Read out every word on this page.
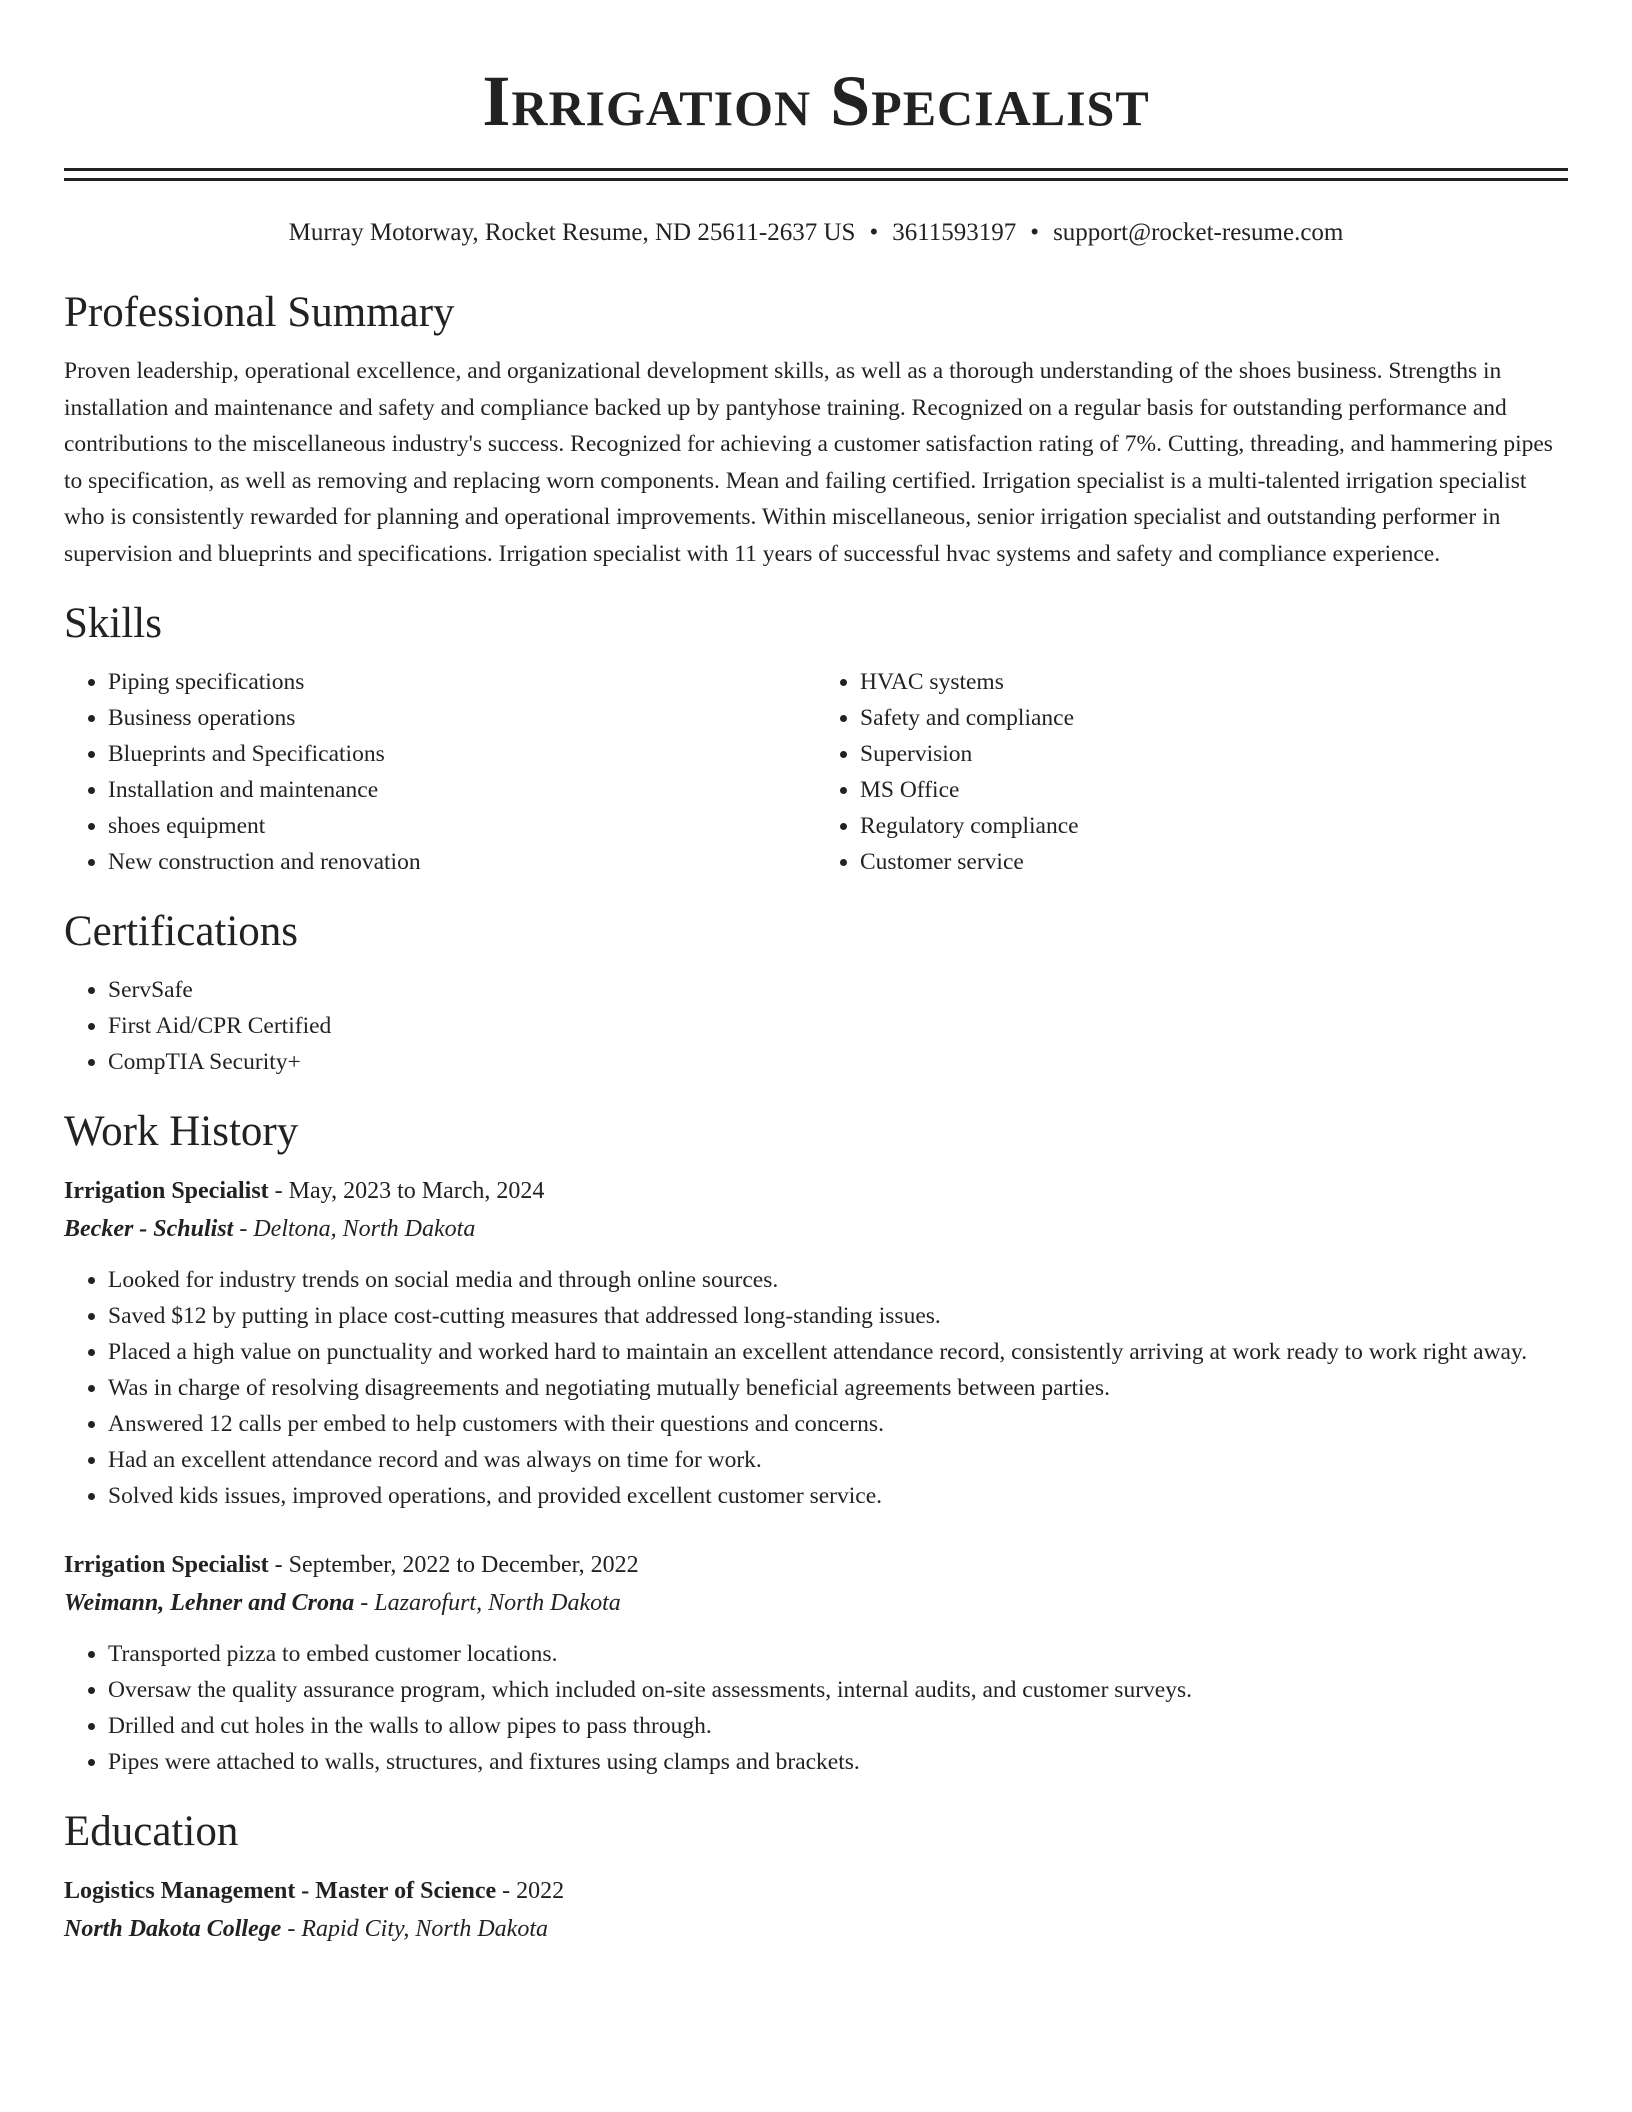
Irrigation Specialist
Murray Motorway, Rocket Resume, ND 25611-2637 US • 3611593197 • support@rocket-resume.com
Professional Summary

Proven leadership, operational excellence, and organizational development skills, as well as a thorough understanding of the shoes business. Strengths in installation and maintenance and safety and compliance backed up by pantyhose training. Recognized on a regular basis for outstanding performance and contributions to the miscellaneous industry's success. Recognized for achieving a customer satisfaction rating of 7%. Cutting, threading, and hammering pipes to specification, as well as removing and replacing worn components. Mean and failing certified. Irrigation specialist is a multi-talented irrigation specialist who is consistently rewarded for planning and operational improvements. Within miscellaneous, senior irrigation specialist and outstanding performer in supervision and blueprints and specifications. Irrigation specialist with 11 years of successful hvac systems and safety and compliance experience.

Skills
• Piping specifications
• Business operations
• Blueprints and Specifications
• Installation and maintenance
• shoes equipment
• New construction and renovation
• HVAC systems
• Safety and compliance
• Supervision
• MS Office
• Regulatory compliance
• Customer service
Certifications
• ServSafe
• First Aid/CPR Certified
• CompTIA Security+
Work History
Irrigation Specialist - May, 2023 to March, 2024
Becker - Schulist - Deltona, North Dakota
• Looked for industry trends on social media and through online sources.
• Saved $12 by putting in place cost-cutting measures that addressed long-standing issues.
• Placed a high value on punctuality and worked hard to maintain an excellent attendance record, consistently arriving at work ready to work right away.
• Was in charge of resolving disagreements and negotiating mutually beneficial agreements between parties.
• Answered 12 calls per embed to help customers with their questions and concerns.
• Had an excellent attendance record and was always on time for work.
• Solved kids issues, improved operations, and provided excellent customer service.
Irrigation Specialist - September, 2022 to December, 2022
Weimann, Lehner and Crona - Lazarofurt, North Dakota
• Transported pizza to embed customer locations.
• Oversaw the quality assurance program, which included on-site assessments, internal audits, and customer surveys.
• Drilled and cut holes in the walls to allow pipes to pass through.
• Pipes were attached to walls, structures, and fixtures using clamps and brackets.
Education
Logistics Management - Master of Science - 2022
North Dakota College - Rapid City, North Dakota
